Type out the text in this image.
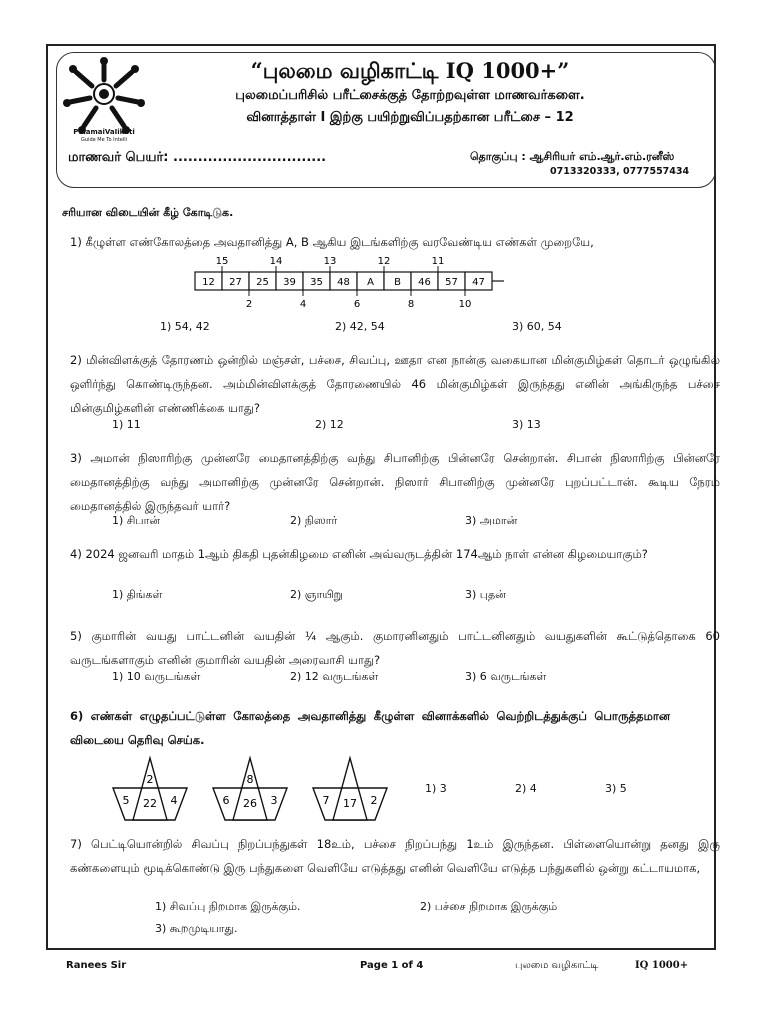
PulamaiVaIikati
Guide Me To Intelli
“புலமை வழிகாட்டி IQ 1000+”
புலமைப்பரிசில் பரீட்சைக்குத் தோற்றவுள்ள மாணவர்களை.
வினாத்தாள் I இற்கு பயிற்றுவிப்பதற்கான பரீட்சை – 12
மாணவர் பெயர்: ...............................	தொகுப்பு : ஆசிரியர் எம்.ஆர்.எம்.ரனீஸ்
0713320333, 0777557434
சரியான விடையின் கீழ் கோடிடுக.
1) கீழுள்ள எண்கோலத்தை அவதானித்து A, B ஆகிய இடங்களிற்கு வரவேண்டிய எண்கள் முறையே,
12 27 25 39 35 48 A B 46 57 47
15	14	13	12	11
2	4	6	8	10
1) 54, 42	2) 42, 54	3) 60, 54
2) மின்விளக்குத் தோரணம் ஒன்றில் மஞ்சள், பச்சை, சிவப்பு, ஊதா என நான்கு வகையான மின்குமிழ்கள் தொடர் ஒழுங்கில் ஒளிர்ந்து கொண்டிருந்தன. அம்மின்விளக்குத் தோரணையில் 46 மின்குமிழ்கள் இருந்தது எனின் அங்கிருந்த பச்சை மின்குமிழ்களின் எண்ணிக்கை யாது?
1) 11	2) 12	3) 13
3) அமான் நிஸாரிற்கு முன்னரே மைதானத்திற்கு வந்து சிபானிற்கு பின்னரே சென்றான். சிபான் நிஸாரிற்கு பின்னரே மைதானத்திற்கு வந்து அமானிற்கு முன்னரே சென்றான். நிஸார் சிபானிற்கு முன்னரே புறப்பட்டான். கூடிய நேரம் மைதானத்தில் இருந்தவர் யார்?
1) சிபான்	2) நிஸார்	3) அமான்
4) 2024 ஜனவரி மாதம் 1ஆம் திகதி புதன்கிழமை எனின் அவ்வருடத்தின் 174ஆம் நாள் என்ன கிழமையாகும்?
1) திங்கள்	2) ஞாயிறு	3) புதன்
5) குமாரின் வயது பாட்டனின் வயதின் ¼ ஆகும். குமாரனினதும் பாட்டனினதும் வயதுகளின் கூட்டுத்தொகை 60 வருடங்களாகும் எனின் குமாரின் வயதின் அரைவாசி யாது?
1) 10 வருடங்கள்	2) 12 வருடங்கள்	3) 6 வருடங்கள்
6) எண்கள் எழுதப்பட்டுள்ள கோலத்தை அவதானித்து கீழுள்ள வினாக்களில் வெற்றிடத்துக்குப் பொருத்தமான விடையை தெரிவு செய்க.
2
5 22 4
8
6 26 3	7 17 2
1) 3	2) 4	3) 5
7) பெட்டியொன்றில் சிவப்பு நிறப்பந்துகள் 18உம், பச்சை நிறப்பந்து 1உம் இருந்தன. பிள்ளையொன்று தனது இரு கண்களையும் மூடிக்கொண்டு இரு பந்துகளை வெளியே எடுத்தது எனின் வெளியே எடுத்த பந்துகளில் ஒன்று கட்டாயமாக,
1) சிவப்பு நிறமாக இருக்கும்.	2) பச்சை நிறமாக இருக்கும்
3) கூறமுடியாது.
Ranees Sir	Page 1 of 4	புலமை வழிகாட்டி	IQ 1000+
